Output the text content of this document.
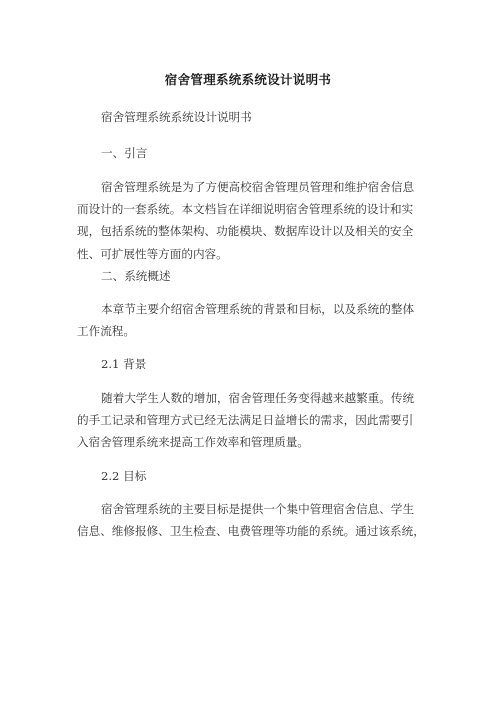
宿舍管理系统系统设计说明书

宿舍管理系统系统设计说明书

一、引言

宿舍管理系统是为了方便高校宿舍管理员管理和维护宿舍信息
而设计的一套系统。本文档旨在详细说明宿舍管理系统的设计和实
现，包括系统的整体架构、功能模块、数据库设计以及相关的安全
性、可扩展性等方面的内容。

二、系统概述

本章节主要介绍宿舍管理系统的背景和目标，以及系统的整体
工作流程。

2.1 背景

随着大学生人数的增加，宿舍管理任务变得越来越繁重。传统
的手工记录和管理方式已经无法满足日益增长的需求，因此需要引
入宿舍管理系统来提高工作效率和管理质量。

2.2 目标

宿舍管理系统的主要目标是提供一个集中管理宿舍信息、学生
信息、维修报修、卫生检查、电费管理等功能的系统。通过该系统，
